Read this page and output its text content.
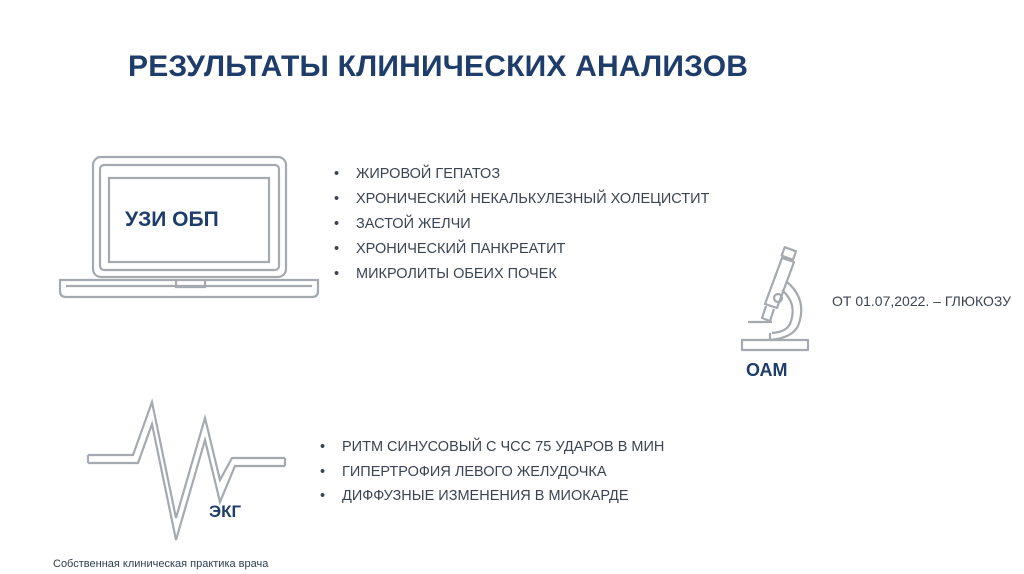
РЕЗУЛЬТАТЫ КЛИНИЧЕСКИХ АНАЛИЗОВ
УЗИ ОБП
• ЖИРОВОЙ ГЕПАТОЗ
• ХРОНИЧЕСКИЙ НЕКАЛЬКУЛЕЗНЫЙ ХОЛЕЦИСТИТ
• ЗАСТОЙ ЖЕЛЧИ
• ХРОНИЧЕСКИЙ ПАНКРЕАТИТ
• МИКРОЛИТЫ ОБЕИХ ПОЧЕК
ОТ 01.07,2022. – ГЛЮКОЗУ
ОАМ
ЭКГ
• РИТМ СИНУСОВЫЙ С ЧСС 75 УДАРОВ В МИН
• ГИПЕРТРОФИЯ ЛЕВОГО ЖЕЛУДОЧКА
• ДИФФУЗНЫЕ ИЗМЕНЕНИЯ В МИОКАРДЕ
Собственная клиническая практика врача
